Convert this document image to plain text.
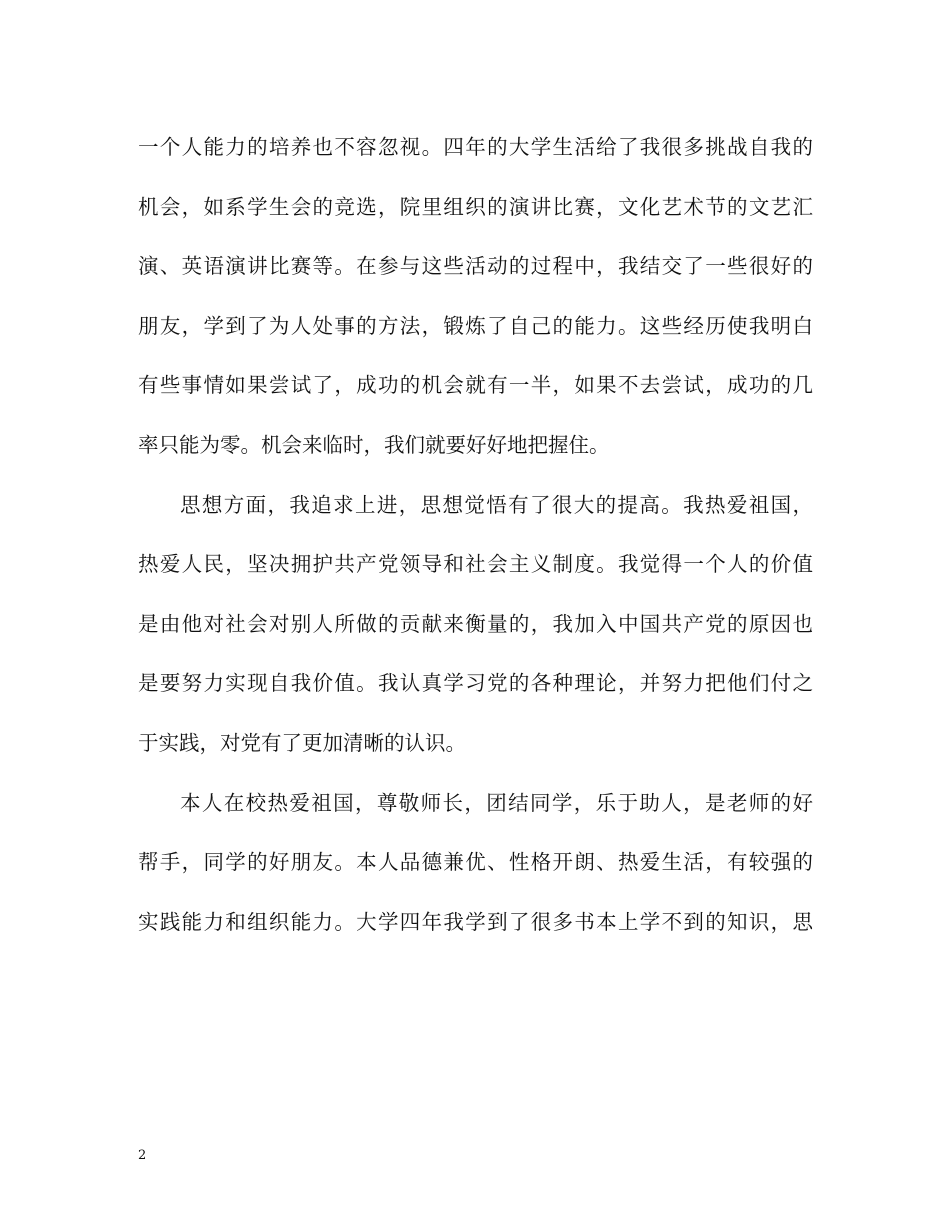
一个人能力的培养也不容忽视。四年的大学生活给了我很多挑战自我的
机会，如系学生会的竞选，院里组织的演讲比赛，文化艺术节的文艺汇
演、英语演讲比赛等。在参与这些活动的过程中，我结交了一些很好的
朋友，学到了为人处事的方法，锻炼了自己的能力。这些经历使我明白
有些事情如果尝试了，成功的机会就有一半，如果不去尝试，成功的几
率只能为零。机会来临时，我们就要好好地把握住。
思想方面，我追求上进，思想觉悟有了很大的提高。我热爱祖国，
热爱人民，坚决拥护共产党领导和社会主义制度。我觉得一个人的价值
是由他对社会对别人所做的贡献来衡量的，我加入中国共产党的原因也
是要努力实现自我价值。我认真学习党的各种理论，并努力把他们付之
于实践，对党有了更加清晰的认识。
本人在校热爱祖国，尊敬师长，团结同学，乐于助人，是老师的好
帮手，同学的好朋友。本人品德兼优、性格开朗、热爱生活，有较强的
实践能力和组织能力。大学四年我学到了很多书本上学不到的知识，思
2
